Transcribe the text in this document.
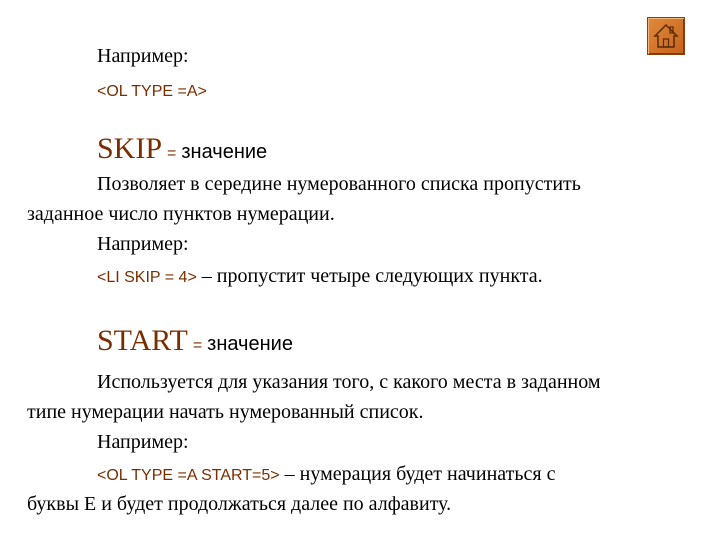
Например:
<OL TYPE =A>
SKIP = значение
Позволяет в середине нумерованного списка пропустить
заданное число пунктов нумерации.
Например:
<LI SKIP = 4> – пропустит четыре следующих пункта.
START = значение
Используется для указания того, с какого места в заданном
типе нумерации начать нумерованный список.
Например:
<OL TYPE =A START=5> – нумерация будет начинаться с
буквы Е и будет продолжаться далее по алфавиту.
